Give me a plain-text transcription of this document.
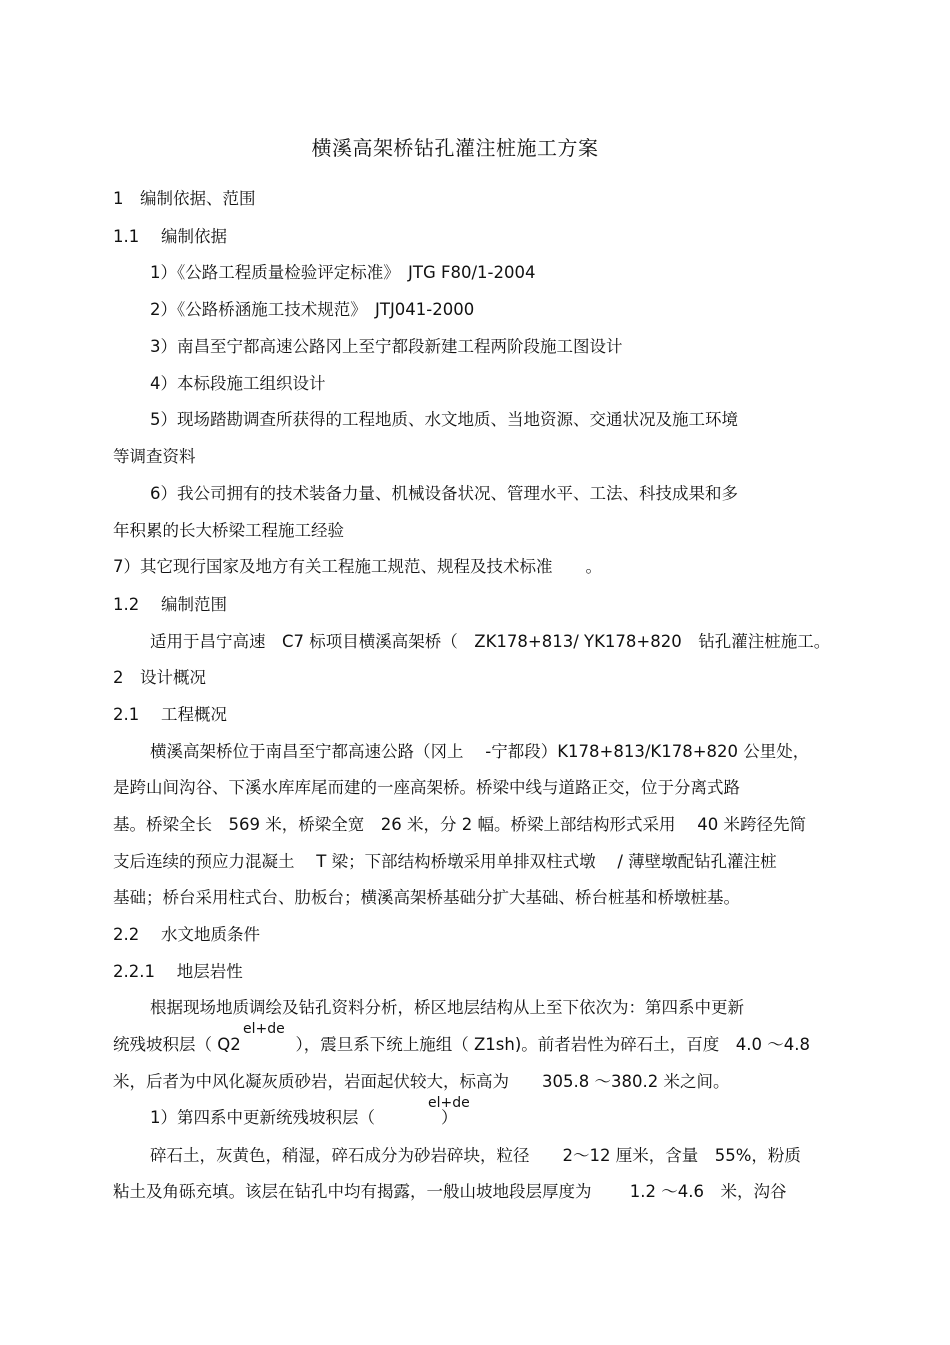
横溪高架桥钻孔灌注桩施工方案
1　编制依据、范围
1.1　 编制依据
1）《公路工程质量检验评定标准》　JTG F80/1-2004
2）《公路桥涵施工技术规范》　JTJ041-2000
3）南昌至宁都高速公路冈上至宁都段新建工程两阶段施工图设计
4）本标段施工组织设计
5）现场踏勘调查所获得的工程地质、水文地质、当地资源、交通状况及施工环境
等调查资料
6）我公司拥有的技术装备力量、机械设备状况、管理水平、工法、科技成果和多
年积累的长大桥梁工程施工经验
7）其它现行国家及地方有关工程施工规范、规程及技术标准　　。
1.2　 编制范围
适用于昌宁高速　C7 标项目横溪高架桥（　ZK178+813/ YK178+820　钻孔灌注桩施工。
2　设计概况
2.1　 工程概况
横溪高架桥位于南昌至宁都高速公路（冈上　 -宁都段）K178+813/K178+820 公里处，
是跨山间沟谷、下溪水库库尾而建的一座高架桥。桥梁中线与道路正交，位于分离式路
基。桥梁全长　569 米，桥梁全宽　26 米，分 2 幅。桥梁上部结构形式采用　 40 米跨径先简
支后连续的预应力混凝土　 T 梁；下部结构桥墩采用单排双柱式墩　 / 薄壁墩配钻孔灌注桩
基础；桥台采用柱式台、肋板台；横溪高架桥基础分扩大基础、桥台桩基和桥墩桩基。
2.2　 水文地质条件
2.2.1　 地层岩性
根据现场地质调绘及钻孔资料分析，桥区地层结构从上至下依次为：第四系中更新
el+de
统残坡积层（ Q2　　　 ），震旦系下统上施组（ Z1sh)。前者岩性为碎石土，百度　4.0 ～4.8
米，后者为中风化凝灰质砂岩，岩面起伏较大，标高为　　305.8 ～380.2 米之间。
el+de
1）第四系中更新统残坡积层（　　　　）
碎石土，灰黄色，稍湿，碎石成分为砂岩碎块，粒径　　2～12 厘米，含量　55%，粉质
粘土及角砾充填。该层在钻孔中均有揭露，一般山坡地段层厚度为　　 1.2 ～4.6　米，沟谷
